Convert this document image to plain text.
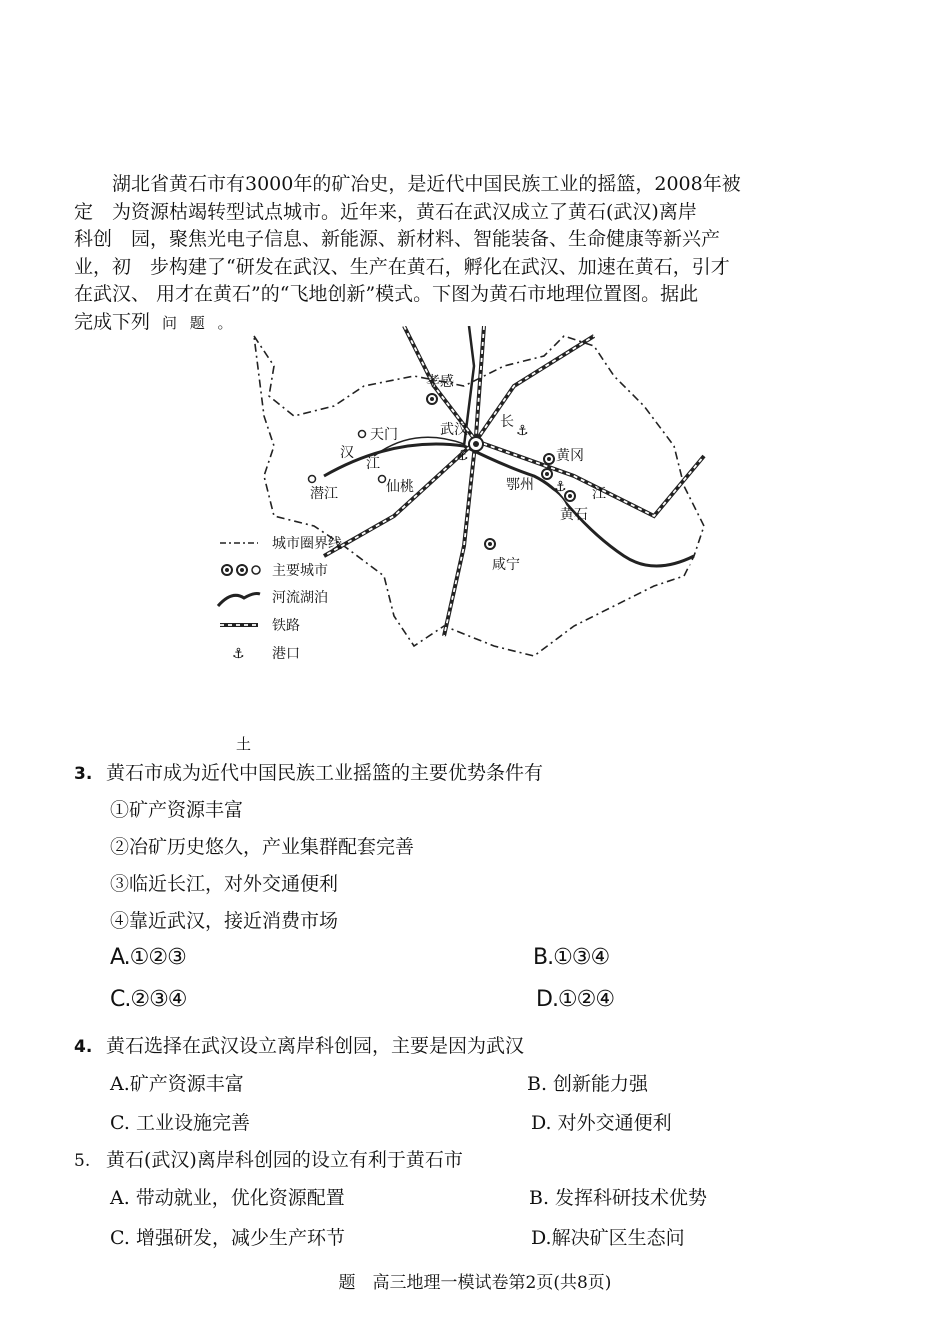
湖北省黄石市有3000年的矿冶史，是近代中国民族工业的摇篮，2008年被
定　为资源枯竭转型试点城市。近年来，黄石在武汉成立了黄石(武汉)离岸
科创　园，聚焦光电子信息、新能源、新材料、智能装备、生命健康等新兴产
业，初　步构建了“研发在武汉、生产在黄石，孵化在武汉、加速在黄石，引才
在武汉、 用才在黄石”的“飞地创新”模式。下图为黄石市地理位置图。据此
完成下列 问 题 。
孝感
天门	武汉
汉
江
仙桃
潜江
黄冈
鄂州
江
黄石
咸宁
长
⚓
⚓
⚓
城市圈界线
主要城市
河流湖泊
铁路
⚓ 港口
土
3. 黄石市成为近代中国民族工业摇篮的主要优势条件有
①矿产资源丰富
②冶矿历史悠久，产业集群配套完善
③临近长江，对外交通便利
④靠近武汉，接近消费市场
A.①②③	B.①③④
C.②③④	D.①②④
4. 黄石选择在武汉设立离岸科创园，主要是因为武汉
A.矿产资源丰富	B. 创新能力强
C. 工业设施完善	D. 对外交通便利
5. 黄石(武汉)离岸科创园的设立有利于黄石市
A. 带动就业，优化资源配置	B. 发挥科研技术优势
C. 增强研发，减少生产环节	D.解决矿区生态问
题　高三地理一模试卷第2页(共8页)
